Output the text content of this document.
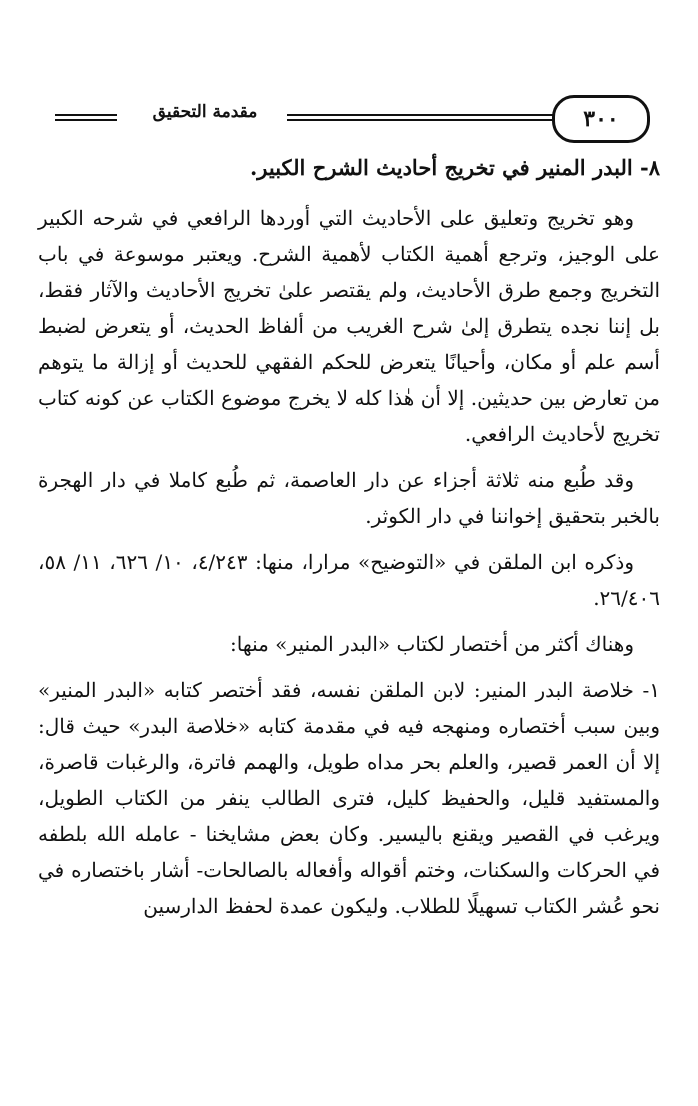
٣٠٠
مقدمة التحقيق

٨- البدر المنير في تخريج أحاديث الشرح الكبير.

وهو تخريج وتعليق على الأحاديث التي أوردها الرافعي في شرحه الكبير على الوجيز، وترجع أهمية الكتاب لأهمية الشرح. ويعتبر موسوعة في باب التخريج وجمع طرق الأحاديث، ولم يقتصر علىٰ تخريج الأحاديث والآثار فقط، بل إننا نجده يتطرق إلىٰ شرح الغريب من ألفاظ الحديث، أو يتعرض لضبط أسم علم أو مكان، وأحيانًا يتعرض للحكم الفقهي للحديث أو إزالة ما يتوهم من تعارض بين حديثين. إلا أن هٰذا كله لا يخرج موضوع الكتاب عن كونه كتاب تخريج لأحاديث الرافعي.

وقد طُبع منه ثلاثة أجزاء عن دار العاصمة، ثم طُبع كاملا في دار الهجرة بالخبر بتحقيق إخواننا في دار الكوثر.

وذكره ابن الملقن في «التوضيح» مرارا، منها: ٤/٢٤٣، ١٠/ ٦٢٦، ١١/ ٥٨، ٢٦/٤٠٦.

وهناك أكثر من أختصار لكتاب «البدر المنير» منها:

١- خلاصة البدر المنير: لابن الملقن نفسه، فقد أختصر كتابه «البدر المنير» وبين سبب أختصاره ومنهجه فيه في مقدمة كتابه «خلاصة البدر» حيث قال: إلا أن العمر قصير، والعلم بحر مداه طويل، والهمم فاترة، والرغبات قاصرة، والمستفيد قليل، والحفيظ كليل، فترى الطالب ينفر من الكتاب الطويل، ويرغب في القصير ويقنع باليسير. وكان بعض مشايخنا - عامله الله بلطفه في الحركات والسكنات، وختم أقواله وأفعاله بالصالحات- أشار باختصاره في نحو عُشر الكتاب تسهيلًا للطلاب. وليكون عمدة لحفظ الدارسين
